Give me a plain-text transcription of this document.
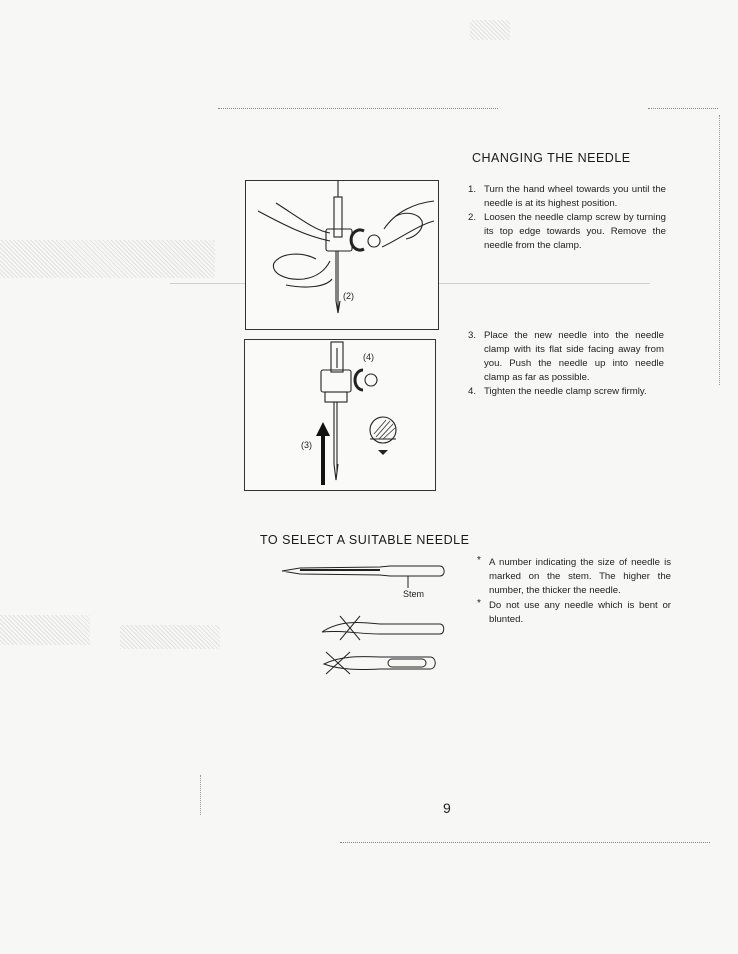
CHANGING THE NEEDLE
1. Turn the hand wheel towards you until the needle is at its highest position.
2. Loosen the needle clamp screw by turning its top edge towards you. Remove the needle from the clamp.
3. Place the new needle into the needle clamp with its flat side facing away from you. Push the needle up into needle clamp as far as possible.
4. Tighten the needle clamp screw firmly.
(2)
(3)
(4)
TO SELECT A SUITABLE NEEDLE
Stem
* A number indicating the size of needle is marked on the stem. The higher the number, the thicker the needle.
* Do not use any needle which is bent or blunted.
9
